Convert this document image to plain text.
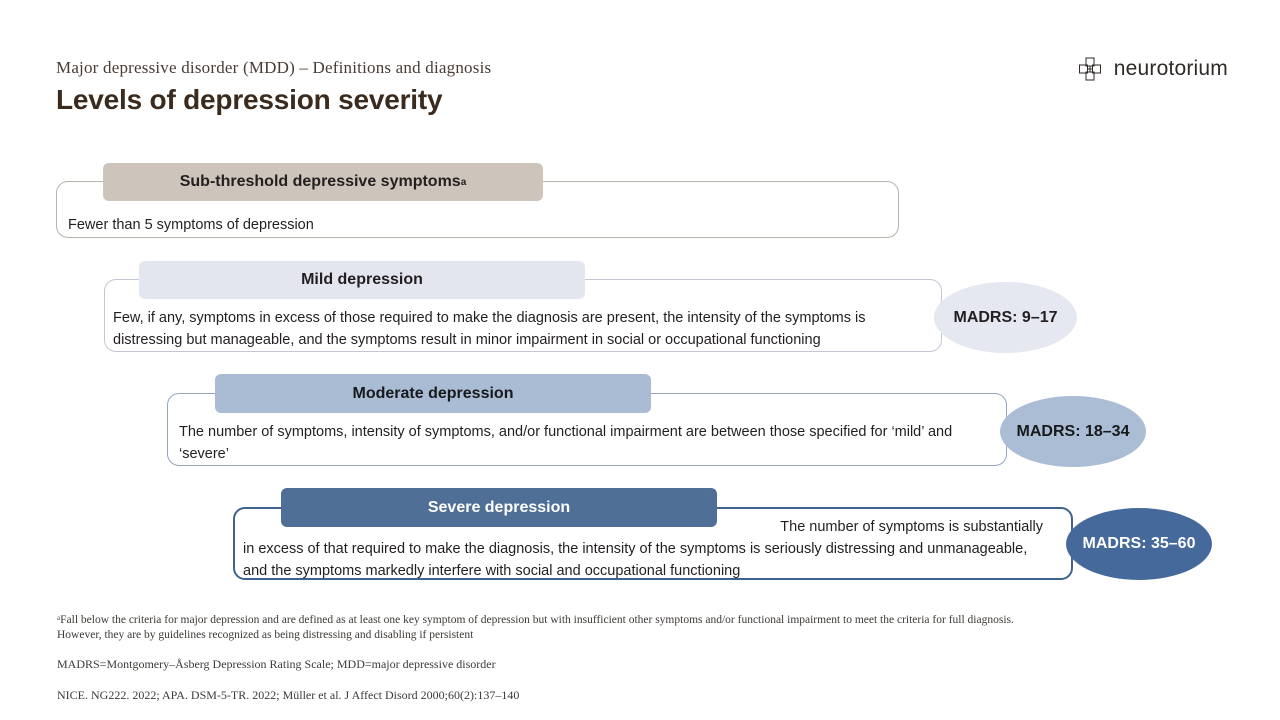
Major depressive disorder (MDD) – Definitions and diagnosis
Levels of depression severity
neurotorium
Fewer than 5 symptoms of depression
Sub-threshold depressive symptoms a
Few, if any, symptoms in excess of those required to make the diagnosis are present, the intensity of the symptoms is distressing but manageable, and the symptoms result in minor impairment in social or occupational functioning
Mild depression
MADRS: 9–17
The number of symptoms, intensity of symptoms, and/or functional impairment are between those specified for ‘mild’ and ‘severe’
Moderate depression
MADRS: 18–34
The number of symptoms is substantially
in excess of that required to make the diagnosis, the intensity of the symptoms is seriously distressing and unmanageable, and the symptoms markedly interfere with social and occupational functioning
Severe depression
MADRS: 35–60

ᵃFall below the criteria for major depression and are defined as at least one key symptom of depression but with insufficient other symptoms and/or functional impairment to meet the criteria for full diagnosis. However, they are by guidelines recognized as being distressing and disabling if persistent

MADRS=Montgomery–Åsberg Depression Rating Scale; MDD=major depressive disorder

NICE. NG222. 2022; APA. DSM-5-TR. 2022; Müller et al. J Affect Disord 2000;60(2):137–140
